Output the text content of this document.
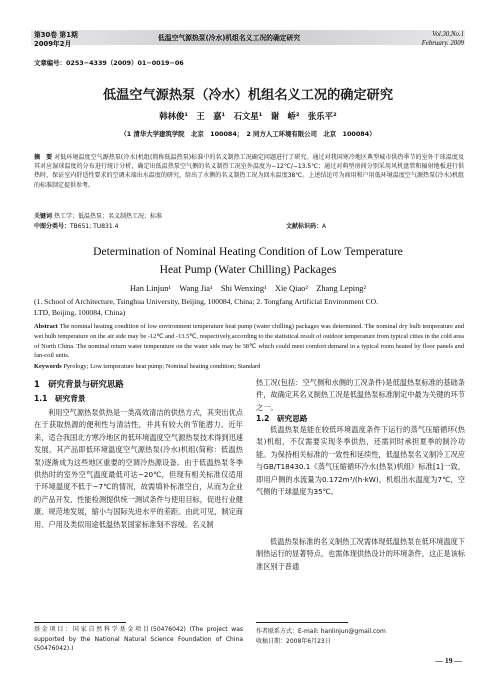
第30卷 第1期
2009年2月
低温空气源热泵(冷水)机组名义工况的确定研究	Vol.30,No.1
February. 2009
文章编号：0253−4339（2009）01−0019−06
低温空气源热泵（冷水）机组名义工况的确定研究
韩林俊¹　王　嘉¹　石文星¹　谢　峤²　张乐平²
（1 清华大学建筑学院　北京　100084；　2 同方人工环境有限公司　北京　100084）
摘　要 对低环境温度空气源热泵(冷水)机组(简称低温热泵)标准中的名义制热工况确定问题进行了研究。通过对我国寒冷地区典型城市供热季节的室外干球温度及其对应湿球温度的分布进行统计分析，确定出低温热泵空气侧的名义制热工况室外温度为−12℃/−13.5℃；通过对典型房间分别采用风机盘管和辐射地板进行供热时，保证室内舒适性要求的空调末端出水温度的研究，给出了水侧的名义制热工况为回水温度38℃。上述结论可为商用和户用低环境温度空气源热泵(冷水)机组的标准制定提供参考。
关键词 热工学；低温热泵；名义制热工况；标准
中图分类号：TB651; TU831.4	文献标识码：A
Determination of Nominal Heating Condition of Low Temperature
Heat Pump (Water Chilling) Packages
Han Linjun¹　Wang Jia¹　Shi Wenxing¹　Xie Qiao²　Zhang Leping²
(1. School of Architecture, Tsinghua University, Beijing, 100084, China; 2. Tongfang Artificial Environment CO.
LTD, Beijing, 100084, China)
Abstract The nominal heating condition of low environment temperature heat pump (water chilling) packages was determined. The nominal dry bulb temperature and wet bulb temperature on the air side may be -12℃ and -13.5℃, respectively,according to the statistical result of outdoor temperature from typical cities in the cold area of North China. The nominal return water temperature on the water side may be 38℃ which could meet comfort demand in a typical room heated by floor panels and fan-coil units.
Keywords Pyrology; Low temperature heat pump; Nominal heating condition; Standard
1　研究背景与研究思路
1.1　研究背景
利用空气源热泵供热是一类高效清洁的供热方式，其突出优点在于获取热源的便利性与清洁性，并具有较大的节能潜力。近年来，适合我国北方寒冷地区的低环境温度空气源热泵技术得到迅速发展，其产品即低环境温度空气源热泵(冷水)机组(简称：低温热泵)逐渐成为这些地区重要的空调冷热源设备。由于低温热泵冬季供热时的室外空气温度最低可达−20℃，但现有相关标准仅适用于环境温度不低于−7℃的情况，故需填补标准空白，从而为企业的产品开发、性能检测提供统一测试条件与使用目标，促进行业健康、规范地发展，缩小与国际先进水平的差距。由此可见，制定商用、户用及类似用途低温热泵国家标准刻不容缓。名义制
基金项目：国家自然科学基金项目(50476042) (The project was supported by the National Natural Science Foundation of China (50476042).)
热工况(包括：空气侧和水侧的工况条件)是低温热泵标准的基础条件，故确定其名义制热工况是低温热泵标准制定中最为关键的环节之一。
1.2　研究思路
低温热泵是能在较低环境温度条件下运行的蒸气压缩循环(热泵)机组，不仅需要实现冬季供热，还需同时承担夏季的制冷功能。为保持相关标准的一致性和延续性，低温热泵名义制冷工况应与GB/T18430.1《蒸气压缩循环冷水(热泵)机组》标准[1]一致，即用户侧的水流量为0.172m³/(h·kW)，机组出水温度为7℃，空气侧的干球温度为35℃。
低温热泵标准的名义制热工况需体现低温热泵在低环境温度下制热运行的显著特点，也需体现供热设计的环境条件，这正是该标准区别于普通
作者联系方式：E-mail: hanlinjun@gmail.com
收稿日期：2008年6月23日
— 19 —
